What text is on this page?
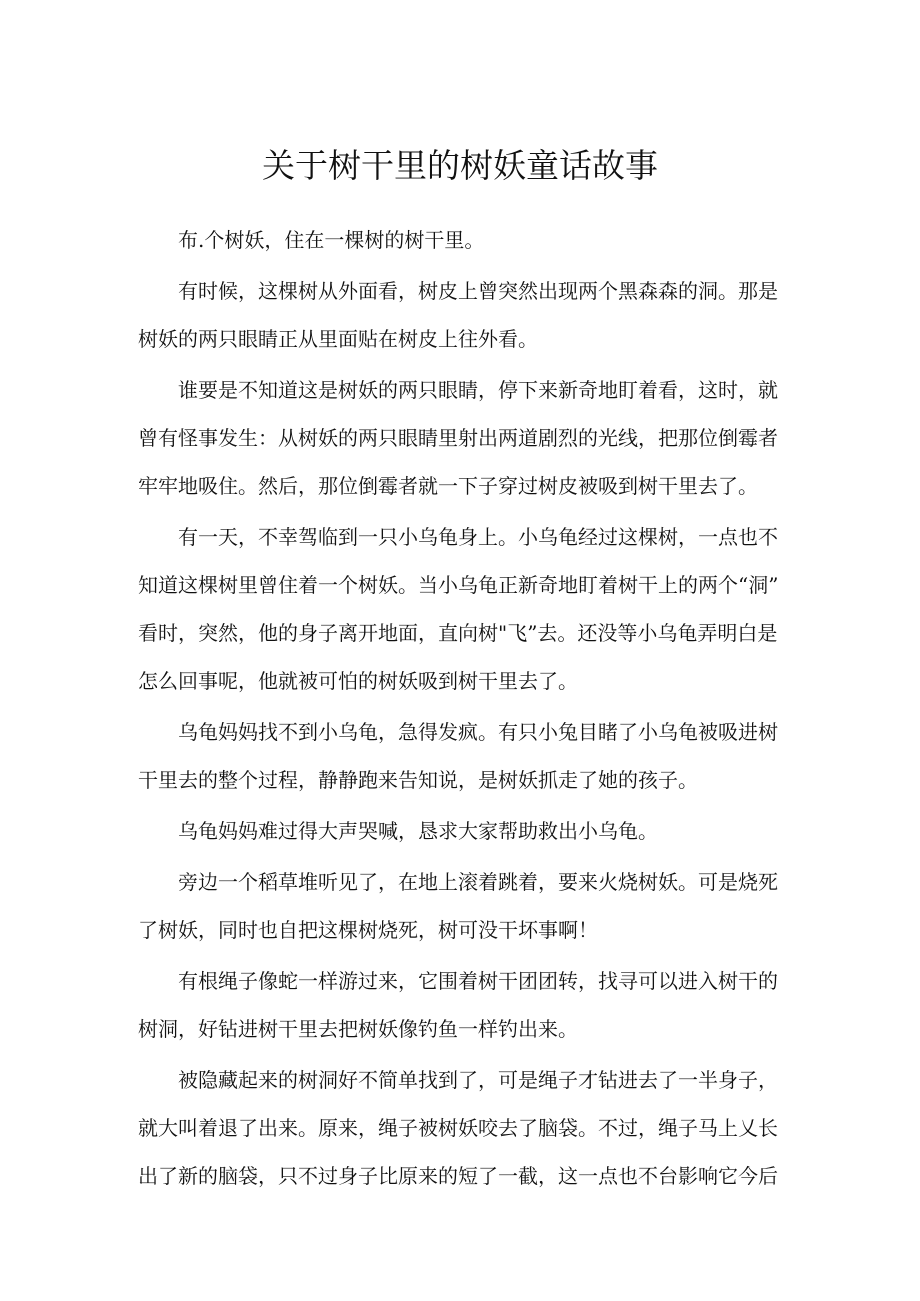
关于树干里的树妖童话故事

布.个树妖，住在一棵树的树干里。

有时候，这棵树从外面看，树皮上曾突然出现两个黑森森的洞。那是
树妖的两只眼睛正从里面贴在树皮上往外看。

谁要是不知道这是树妖的两只眼睛，停下来新奇地盯着看，这时，就
曾有怪事发生：从树妖的两只眼睛里射出两道剧烈的光线，把那位倒霉者
牢牢地吸住。然后，那位倒霉者就一下子穿过树皮被吸到树干里去了。

有一天，不幸驾临到一只小乌龟身上。小乌龟经过这棵树，一点也不
知道这棵树里曾住着一个树妖。当小乌龟正新奇地盯着树干上的两个“洞”
看时，突然，他的身子离开地面，直向树"飞”去。还没等小乌龟弄明白是
怎么回事呢，他就被可怕的树妖吸到树干里去了。

乌龟妈妈找不到小乌龟，急得发疯。有只小兔目睹了小乌龟被吸进树
干里去的整个过程，静静跑来告知说，是树妖抓走了她的孩子。

乌龟妈妈难过得大声哭喊，恳求大家帮助救出小乌龟。

旁边一个稻草堆听见了，在地上滚着跳着，要来火烧树妖。可是烧死
了树妖，同时也自把这棵树烧死，树可没干坏事啊！

有根绳子像蛇一样游过来，它围着树干团团转，找寻可以进入树干的
树洞，好钻进树干里去把树妖像钓鱼一样钓出来。

被隐藏起来的树洞好不简单找到了，可是绳子才钻进去了一半身子，
就大叫着退了出来。原来，绳子被树妖咬去了脑袋。不过，绳子马上乂长
出了新的脑袋，只不过身子比原来的短了一截，这一点也不台影响它今后
